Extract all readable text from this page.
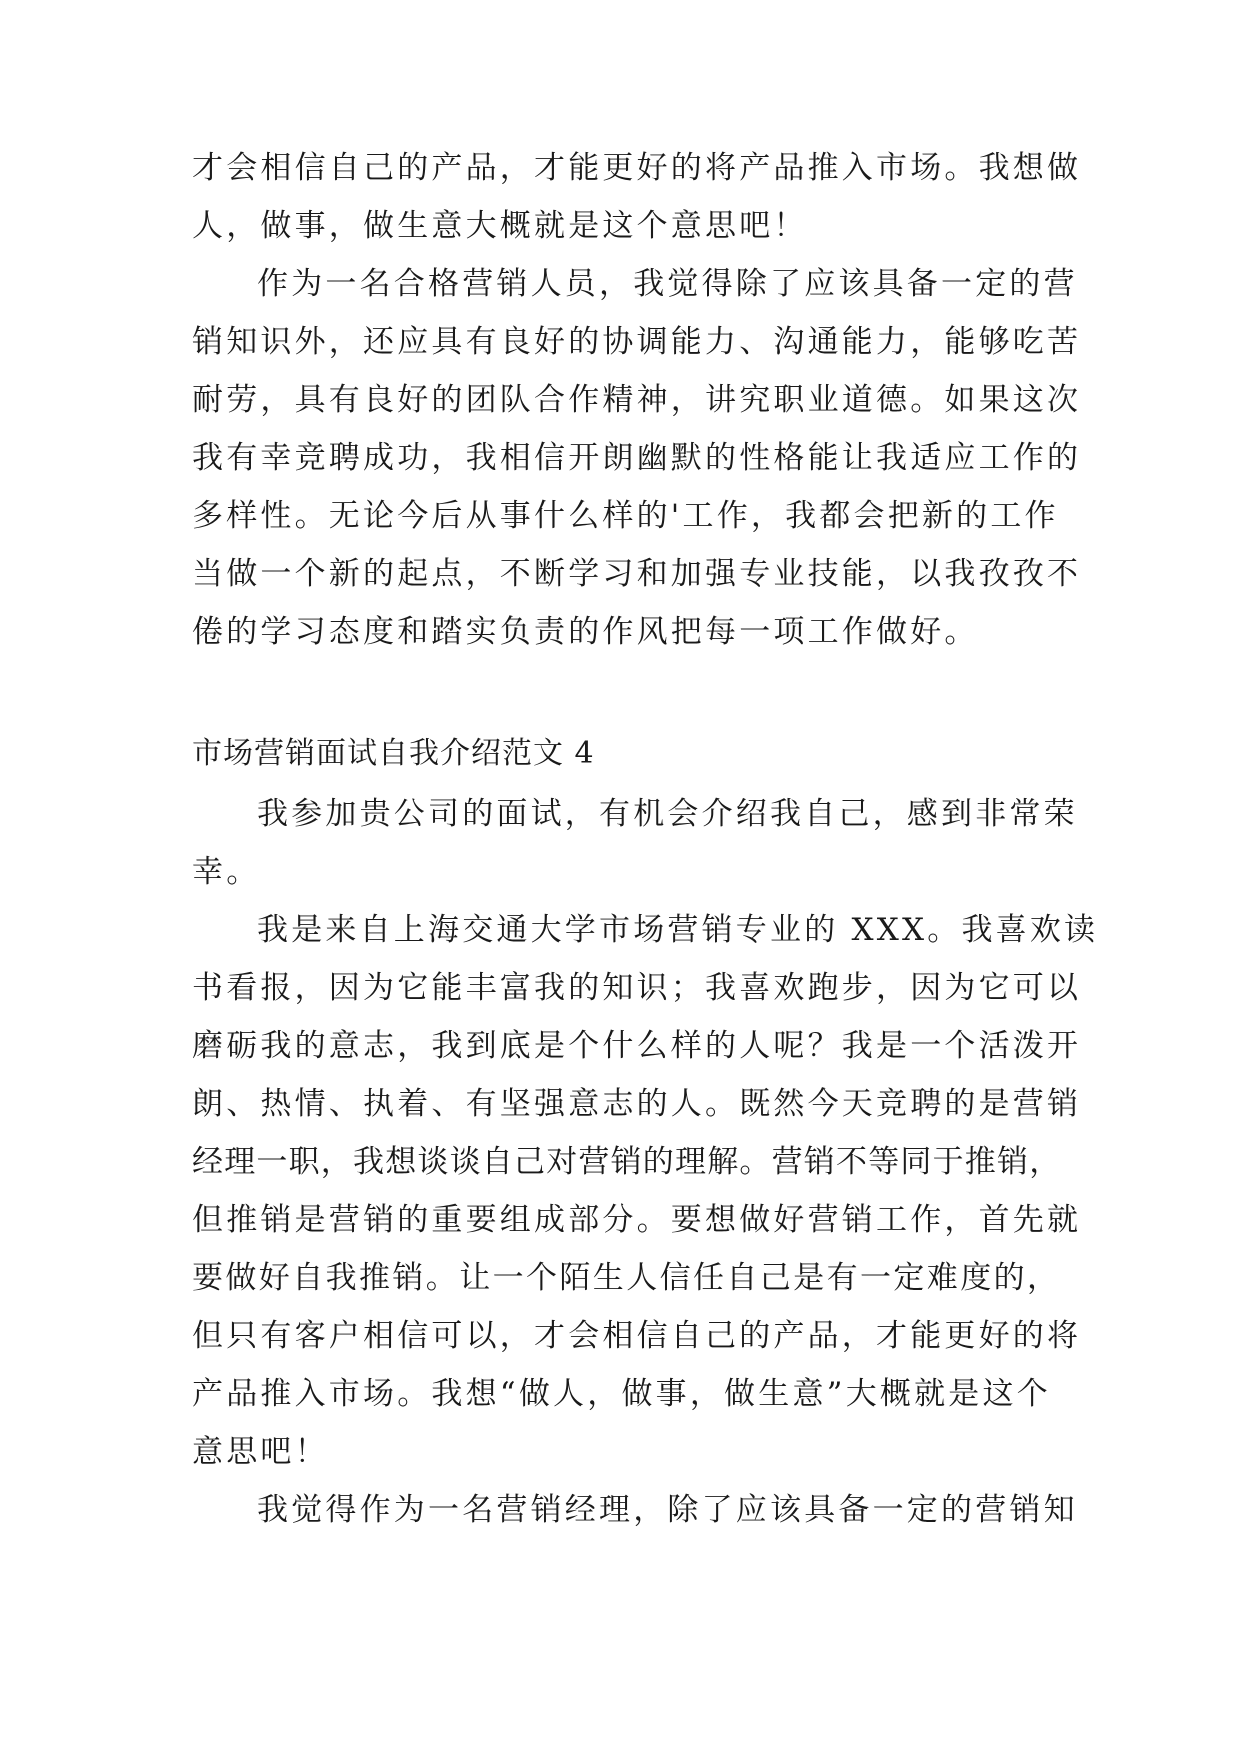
才会相信自己的产品，才能更好的将产品推入市场。我想做
人，做事，做生意大概就是这个意思吧！
作为一名合格营销人员，我觉得除了应该具备一定的营
销知识外，还应具有良好的协调能力、沟通能力，能够吃苦
耐劳，具有良好的团队合作精神，讲究职业道德。如果这次
我有幸竞聘成功，我相信开朗幽默的性格能让我适应工作的
多样性。无论今后从事什么样的'工作，我都会把新的工作
当做一个新的起点，不断学习和加强专业技能，以我孜孜不
倦的学习态度和踏实负责的作风把每一项工作做好。
市场营销面试自我介绍范文 4
我参加贵公司的面试，有机会介绍我自己，感到非常荣
幸。
我是来自上海交通大学市场营销专业的 XXX。我喜欢读
书看报，因为它能丰富我的知识；我喜欢跑步，因为它可以
磨砺我的意志，我到底是个什么样的人呢？我是一个活泼开
朗、热情、执着、有坚强意志的人。既然今天竞聘的是营销
经理一职，我想谈谈自己对营销的理解。营销不等同于推销，
但推销是营销的重要组成部分。要想做好营销工作，首先就
要做好自我推销。让一个陌生人信任自己是有一定难度的，
但只有客户相信可以，才会相信自己的产品，才能更好的将
产品推入市场。我想“做人，做事，做生意”大概就是这个
意思吧！
我觉得作为一名营销经理，除了应该具备一定的营销知
